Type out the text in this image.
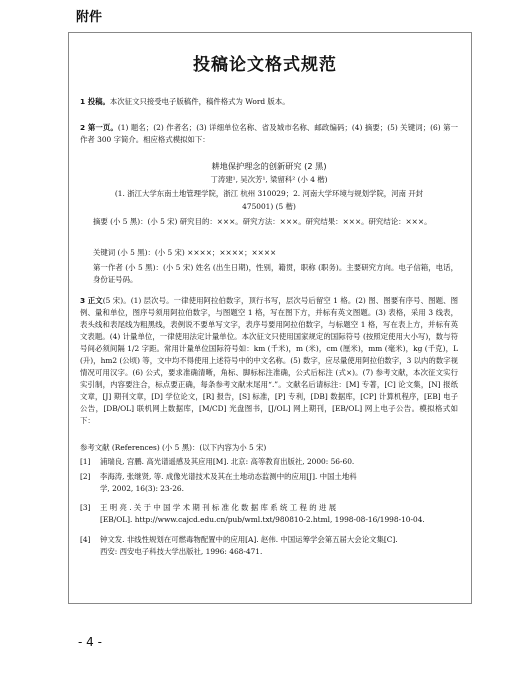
附件
投稿论文格式规范

1 投稿。本次征文只接受电子版稿件，稿件格式为 Word 版本。

2 第一页。(1) 题名；(2) 作者名；(3) 详细单位名称、省及城市名称、邮政编码；(4) 摘要；(5) 关键词；(6) 第一作者 300 字简介。相应格式模拟如下：

耕地保护理念的创新研究 (2 黑)
丁涛建¹, 吴次芳¹, 梁留科² (小 4 楷)
(1. 浙江大学东南土地管理学院，浙江 杭州 310029；2. 河南大学环境与规划学院，河南 开封
475001) (5 楷)

摘要 (小 5 黑)：(小 5 宋) 研究目的：×××。研究方法：×××。研究结果：×××。研究结论：×××。

关键词 (小 5 黑)：(小 5 宋) ××××；××××；××××

第一作者 (小 5 黑)：(小 5 宋) 姓名 (出生日期)，性别，籍贯，职称 (职务)。主要研究方向。电子信箱，电话，身份证号码。

3 正文(5 宋)。(1) 层次号。一律使用阿拉伯数字，顶行书写，层次号后留空 1 格。(2) 图、图要有序号、图题、图例、量和单位，图序号须用阿拉伯数字，与图题空 1 格，写在图下方，并标有英文图题。(3) 表格，采用 3 线表，表头线和表尾线为粗黑线，表例说不要单写文字，表序号要用阿拉伯数字，与标题空 1 格，写在表上方，并标有英文表题。(4) 计量单位，一律使用法定计量单位。本次征文只使用国家规定的国际符号 (按照定使用大小写)，数与符号间必须间隔 1/2 字距。常用计量单位国际符号如：km (千米)，m (米)，cm (厘米)，mm (毫米)，kg (千克)，L (升)，hm2 (公顷) 等，文中均不得使用上述符号中的中文名称。(5) 数字，应尽量使用阿拉伯数字，3 以内的数字视情况可用汉字。(6) 公式，要求准确清晰，角标、脚标标注准确，公式后标注 (式×)。(7) 参考文献，本次征文实行实引制，内容要注合，标点要正确，每条参考文献末尾用“.”。文献名后请标注：[M] 专著，[C] 论文集，[N] 报纸文章，[J] 期刊文章，[D] 学位论文，[R] 报告，[S] 标准，[P] 专利，[DB] 数据库，[CP] 计算机程序，[EB] 电子公告，[DB/OL] 联机网上数据库，[M/CD] 光盘图书，[J/OL] 网上期刊，[EB/OL] 网上电子公告。模拟格式如下：

参考文献 (References) (小 5 黑)：(以下内容为小 5 宋)

[1] 浦瑞良, 宫鹏. 高光谱遥感及其应用[M]. 北京: 高等教育出版社, 2000: 56-60.

[2] 李海涛, 张继贤, 等. 成像光谱技术及其在土地动态监测中的应用[J]. 中国土地科
学, 2002, 16(3): 23-26.

[3] 王 明 亮 . 关 于 中 国 学 术 期 刊 标 准 化 数 据 库 系 统 工 程 的 进 展
[EB/OL]. http://www.cajcd.edu.cn/pub/wml.txt/980810-2.html, 1998-08-16/1998-10-04.

[4] 钟文发. 非线性规划在可燃毒物配置中的应用[A]. 赵伟. 中国运筹学会第五届大会论文集[C].
西安: 西安电子科技大学出版社, 1996: 468-471.

- 4 -
